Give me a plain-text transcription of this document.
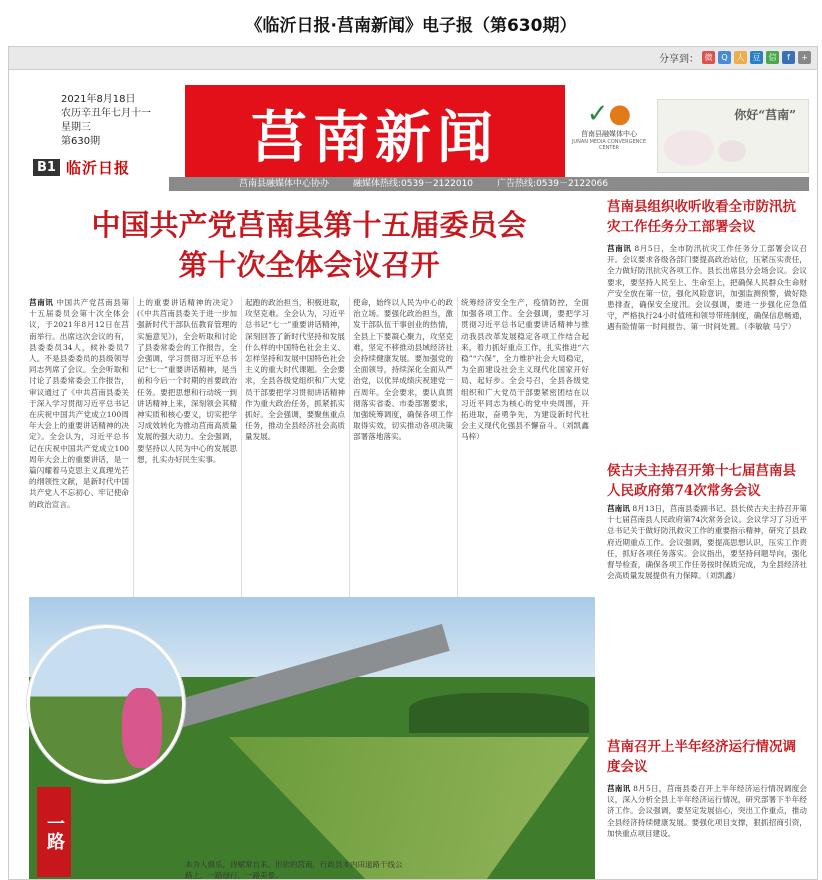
《临沂日报·莒南新闻》电子报（第630期）
分享到： 微	Q	人	豆	信	f	+
2021年8月18日
农历辛丑年七月十一
星期三
第630期
B1 临沂日报 莒南新闻	✓●
莒南县融媒体中心
JUNAN MEDIA CONVERGENCE CENTER
你好“莒南”
莒南县融媒体中心协办	融媒体热线:0539－2122010	广告热线:0539－2122066
中国共产党莒南县第十五届委员会
第十次全体会议召开
莒南讯 中国共产党莒南县第十五届委员会第十次全体会议，于2021年8月12日在莒南举行。出席这次会议的有，县委委员34人，候补委员7人。不是县委委员的县级领导同志列席了会议。全会听取和讨论了县委常委会工作报告，审议通过了《中共莒南县委关于深入学习贯彻习近平总书记在庆祝中国共产党成立100周年大会上的重要讲话精神的决定》。全会认为，习近平总书记在庆祝中国共产党成立100周年大会上的重要讲话，是一篇闪耀着马克思主义真理光芒的纲领性文献，是新时代中国共产党人不忘初心、牢记使命的政治宣言。
上的重要讲话精神的决定》(《中共莒南县委关于进一步加强新时代干部队伍教育管理的实施意见》)，全会听取和讨论了县委常委会的工作报告，全会强调，学习贯彻习近平总书记“七一”重要讲话精神，是当前和今后一个时期的首要政治任务。要把思想和行动统一到讲话精神上来，深刻领会其精神实质和核心要义，切实把学习成效转化为推动莒南高质量发展的强大动力。全会强调，要坚持以人民为中心的发展思想，扎实办好民生实事。
起跑的政治担当，积极进取，攻坚克难。全会认为，习近平总书记“七一”重要讲话精神，深刻回答了新时代坚持和发展什么样的中国特色社会主义、怎样坚持和发展中国特色社会主义的重大时代课题。全会要求，全县各级党组织和广大党员干部要把学习贯彻讲话精神作为重大政治任务，抓紧抓实抓好。全会强调，要聚焦重点任务，推动全县经济社会高质量发展。
使命，始终以人民为中心的政治立场。要强化政治担当，激发干部队伍干事创业的热情，全县上下要凝心聚力，攻坚克难，坚定不移推动县域经济社会持续健康发展。要加强党的全面领导，持续深化全面从严治党，以优异成绩庆祝建党一百周年。全会要求，要认真贯彻落实省委、市委部署要求，加强统筹调度，确保各项工作取得实效，切实推动各项决策部署落地落实。
统筹经济安全生产，疫情防控，全面加强各项工作。全会强调，要把学习贯彻习近平总书记重要讲话精神与推动我县改革发展稳定各项工作结合起来，着力抓好重点工作，扎实推进“六稳”“六保”，全力维护社会大局稳定，为全面建设社会主义现代化国家开好局、起好步。全会号召，全县各级党组织和广大党员干部要紧密团结在以习近平同志为核心的党中央周围，开拓进取，奋勇争先，为建设新时代社会主义现代化强县不懈奋斗。（刘凯鑫 马梓）
一路
本为人俱乐，诗赋常自来。但依的莒南，行政县本内田道路干线公路上，一路绿行，一路美景。
莒南县组织收听收看全市防汛抗灾工作任务分工部署会议
莒南讯 8月5日，全市防汛抗灾工作任务分工部署会议召开。会议要求各级各部门要提高政治站位，压紧压实责任，全力做好防汛抗灾各项工作。县长出席县分会场会议。会议要求，要坚持人民至上、生命至上，把确保人民群众生命财产安全放在第一位，强化风险意识，加强监测预警，做好隐患排查，确保安全度汛。会议强调，要进一步强化应急值守，严格执行24小时值班和领导带班制度，确保信息畅通，遇有险情第一时间报告、第一时间处置。（李敏敏 马宁）
侯古夫主持召开第十七届莒南县人民政府第74次常务会议
莒南讯 8月13日，莒南县委副书记、县长侯古夫主持召开第十七届莒南县人民政府第74次常务会议。会议学习了习近平总书记关于做好防汛救灾工作的重要指示精神，研究了县政府近期重点工作。会议强调，要提高思想认识，压实工作责任，抓好各项任务落实。会议指出，要坚持问题导向，强化督导检查，确保各项工作任务按时保质完成，为全县经济社会高质量发展提供有力保障。（刘凯鑫）
莒南召开上半年经济运行情况调度会议
莒南讯 8月5日，莒南县委召开上半年经济运行情况调度会议，深入分析全县上半年经济运行情况，研究部署下半年经济工作。会议强调，要坚定发展信心，突出工作重点，推动全县经济持续健康发展。要强化项目支撑，狠抓招商引资，加快重点项目建设。
